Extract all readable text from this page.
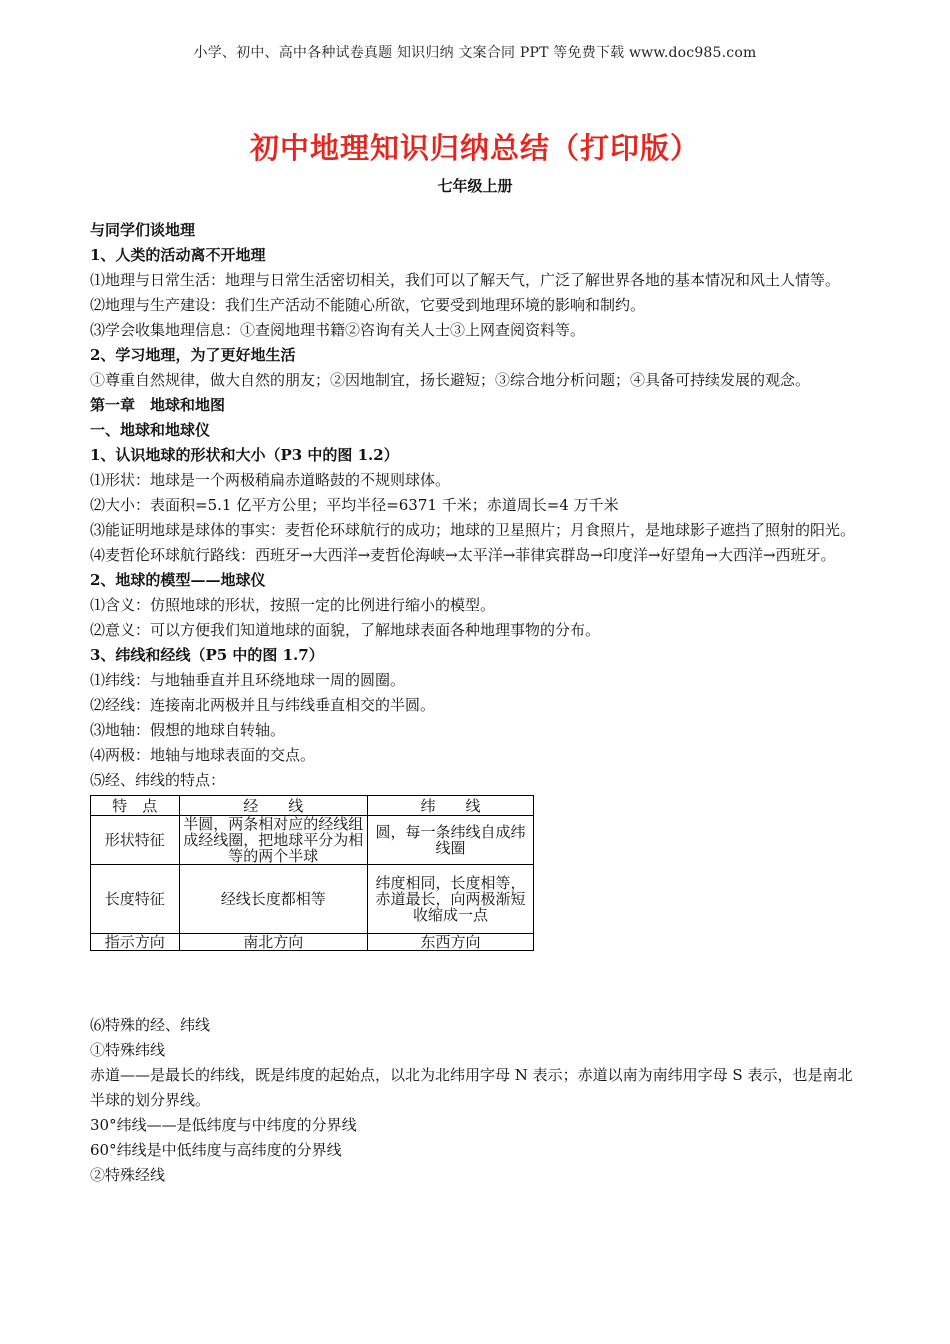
小学、初中、高中各种试卷真题 知识归纳 文案合同 PPT 等免费下载 www.doc985.com
初中地理知识归纳总结（打印版）
七年级上册

与同学们谈地理

1、人类的活动离不开地理

⑴地理与日常生活：地理与日常生活密切相关，我们可以了解天气，广泛了解世界各地的基本情况和风土人情等。

⑵地理与生产建设：我们生产活动不能随心所欲，它要受到地理环境的影响和制约。

⑶学会收集地理信息：①查阅地理书籍②咨询有关人士③上网查阅资料等。

2、学习地理，为了更好地生活

①尊重自然规律，做大自然的朋友；②因地制宜，扬长避短；③综合地分析问题；④具备可持续发展的观念。

第一章　地球和地图

一、地球和地球仪

1、认识地球的形状和大小（P3 中的图 1.2）

⑴形状：地球是一个两极稍扁赤道略鼓的不规则球体。

⑵大小：表面积=5.1 亿平方公里；平均半径=6371 千米；赤道周长=4 万千米

⑶能证明地球是球体的事实：麦哲伦环球航行的成功；地球的卫星照片；月食照片，是地球影子遮挡了照射的阳光。

⑷麦哲伦环球航行路线：西班牙→大西洋→麦哲伦海峡→太平洋→菲律宾群岛→印度洋→好望角→大西洋→西班牙。

2、地球的模型——地球仪

⑴含义：仿照地球的形状，按照一定的比例进行缩小的模型。

⑵意义：可以方便我们知道地球的面貌，了解地球表面各种地理事物的分布。

3、纬线和经线（P5 中的图 1.7）

⑴纬线：与地轴垂直并且环绕地球一周的圆圈。

⑵经线：连接南北两极并且与纬线垂直相交的半圆。

⑶地轴：假想的地球自转轴。

⑷两极：地轴与地球表面的交点。

⑸经、纬线的特点：

特　点	经　　线	纬　　线
形状特征	半圆，两条相对应的经线组成经线圈，把地球平分为相等的两个半球	圆，每一条纬线自成纬线圈
长度特征	经线长度都相等	纬度相同，长度相等，赤道最长，向两极渐短收缩成一点
指示方向	南北方向	东西方向

⑹特殊的经、纬线

①特殊纬线

赤道——是最长的纬线，既是纬度的起始点，以北为北纬用字母 N 表示；赤道以南为南纬用字母 S 表示，也是南北半球的划分界线。

30°纬线——是低纬度与中纬度的分界线

60°纬线是中低纬度与高纬度的分界线

②特殊经线
